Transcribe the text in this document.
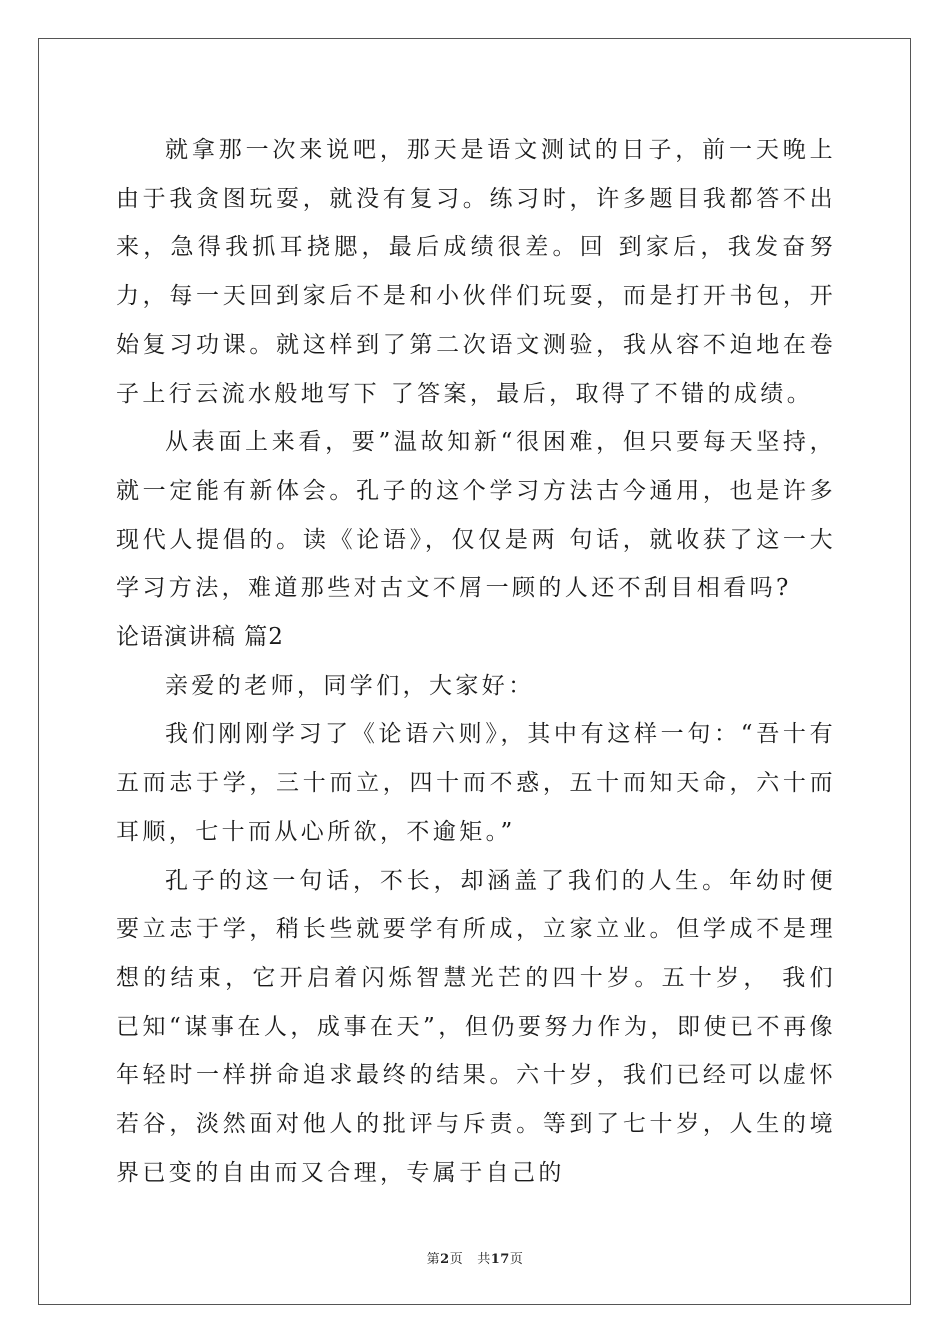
就拿那一次来说吧，那天是语文测试的日子，前一天晚上由于我贪图玩耍，就没有复习。练习时，许多题目我都答不出来，急得我抓耳挠腮，最后成绩很差。回 到家后，我发奋努力，每一天回到家后不是和小伙伴们玩耍，而是打开书包，开始复习功课。就这样到了第二次语文测验，我从容不迫地在卷子上行云流水般地写下 了答案，最后，取得了不错的成绩。

从表面上来看，要”温故知新“很困难，但只要每天坚持，就一定能有新体会。孔子的这个学习方法古今通用，也是许多现代人提倡的。读《论语》，仅仅是两 句话，就收获了这一大学习方法，难道那些对古文不屑一顾的人还不刮目相看吗?

论语演讲稿 篇2

亲爱的老师，同学们，大家好：

我们刚刚学习了《论语六则》，其中有这样一句：“吾十有五而志于学，三十而立，四十而不惑，五十而知天命，六十而耳顺，七十而从心所欲，不逾矩。”

孔子的这一句话，不长，却涵盖了我们的人生。年幼时便要立志于学，稍长些就要学有所成，立家立业。但学成不是理想的结束，它开启着闪烁智慧光芒的四十岁。五十岁， 我们已知“谋事在人，成事在天”，但仍要努力作为，即使已不再像年轻时一样拼命追求最终的结果。六十岁，我们已经可以虚怀若谷，淡然面对他人的批评与斥责。等到了七十岁，人生的境界已变的自由而又合理，专属于自己的

第2页 共17页
